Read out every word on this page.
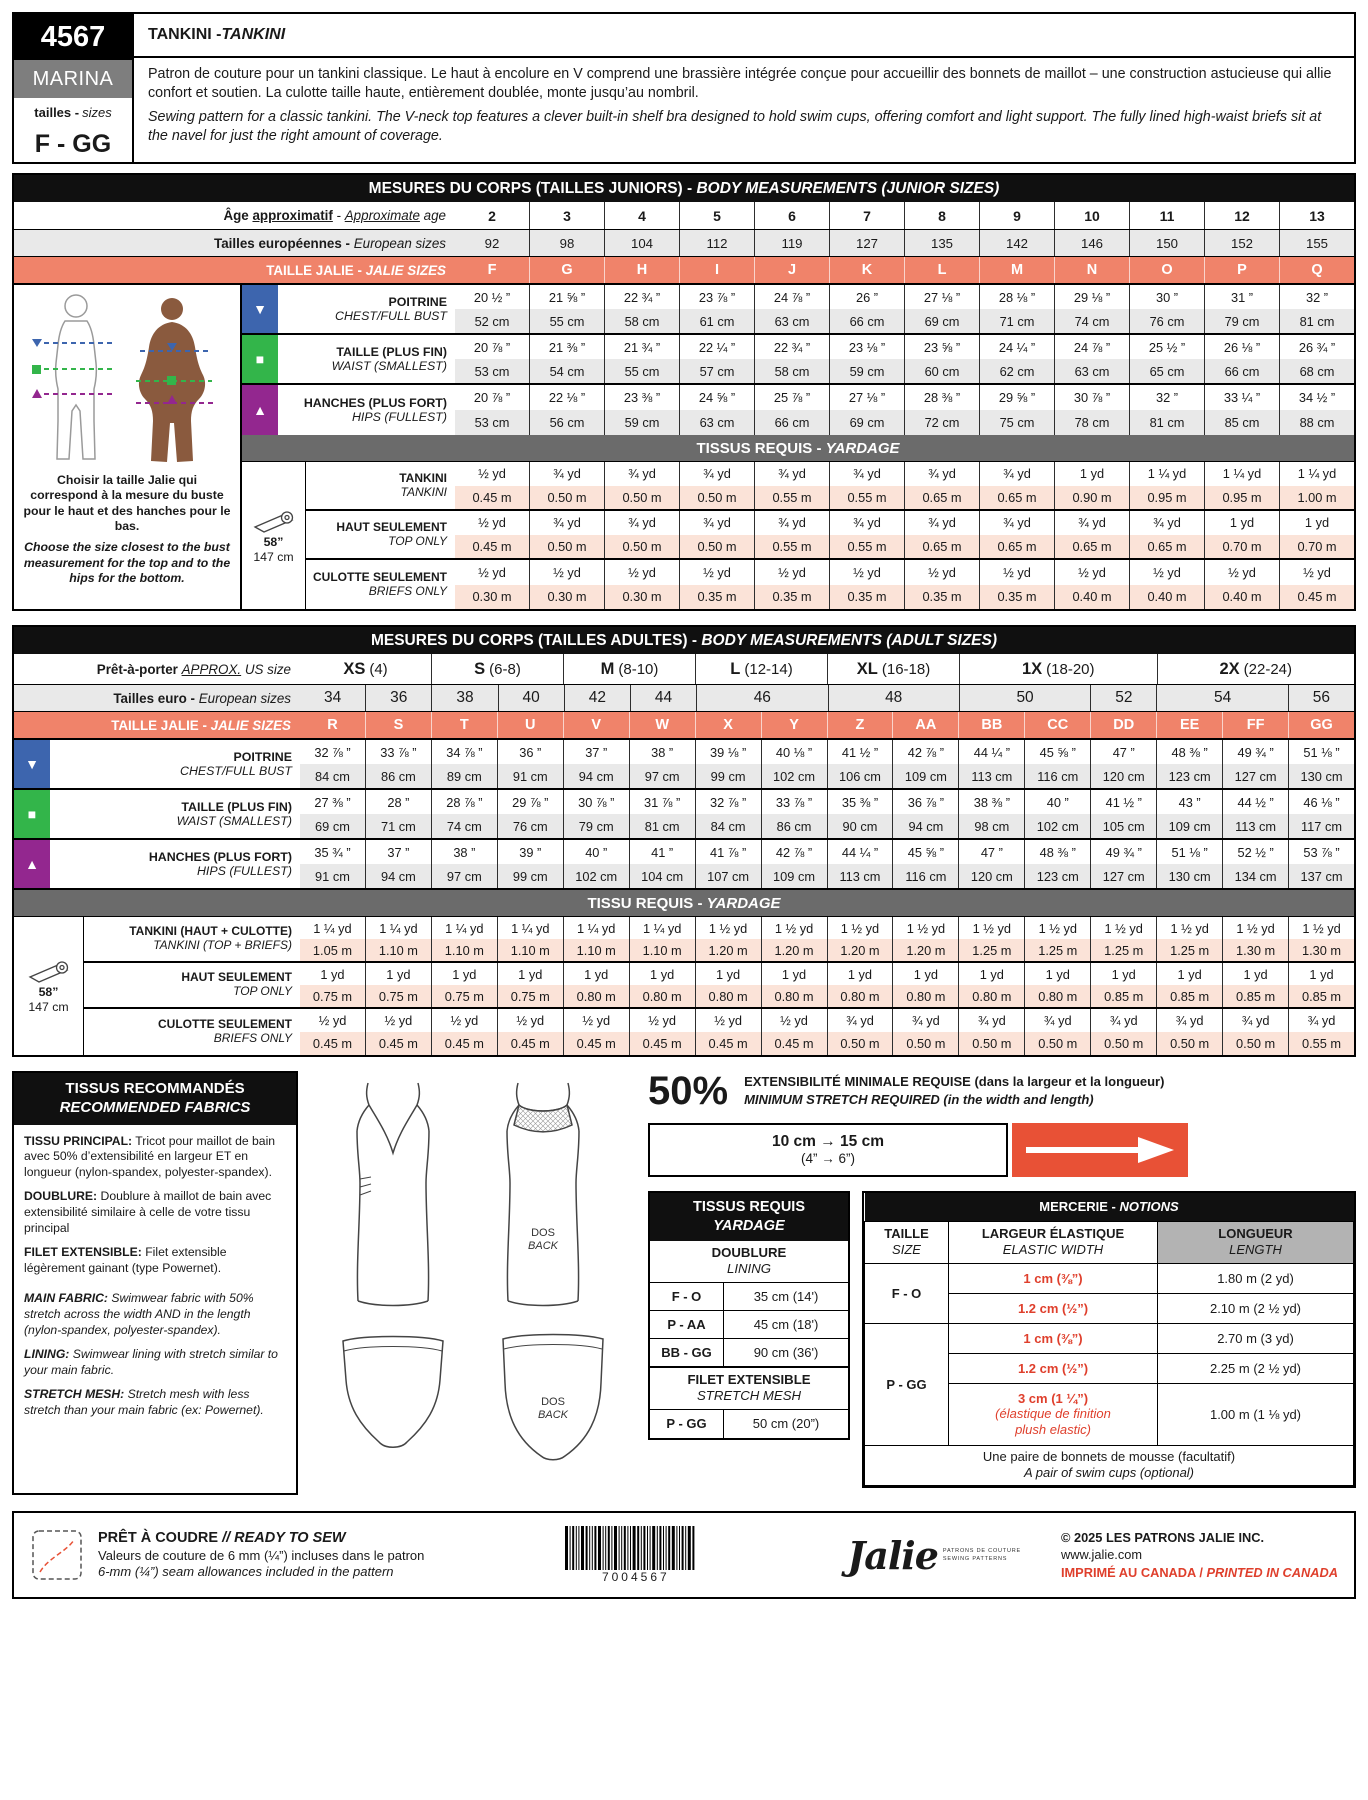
4567
MARINA
tailles - sizes
F - GG
TANKINI - TANKINI

Patron de couture pour un tankini classique. Le haut à encolure en V comprend une brassière intégrée conçue pour accueillir des bonnets de maillot – une construction astucieuse qui allie confort et soutien. La culotte taille haute, entièrement doublée, monte jusqu’au nombril.

Sewing pattern for a classic tankini. The V-neck top features a clever built-in shelf bra designed to hold swim cups, offering comfort and light support. The fully lined high-waist briefs sit at the navel for just the right amount of coverage.

MESURES DU CORPS (TAILLES JUNIORS) - BODY MEASUREMENTS (JUNIOR SIZES)
Âge approximatif - Approximate age	2	3	4	5	6	7	8	9	10	11	12	13
Tailles européennes - European sizes	92	98	104	112	119	127	135	142	146	150	152	155
TAILLE JALIE - JALIE SIZES	F	G	H	I	J	K	L	M	N	O	P	Q
Choisir la taille Jalie qui correspond à la mesure du buste pour le haut et des hanches pour le bas.
Choose the size closest to the bust measurement for the top and to the hips for the bottom.
▼	POITRINE
CHEST/FULL BUST
20 ½ ”	21 ⅝ ”	22 ¾ ”	23 ⅞ ”	24 ⅞ ”	26 ”	27 ⅛ ”	28 ⅛ ”	29 ⅛ ”	30 ”	31 ”	32 ”
52 cm	55 cm	58 cm	61 cm	63 cm	66 cm	69 cm	71 cm	74 cm	76 cm	79 cm	81 cm
■	TAILLE (PLUS FIN)
WAIST (SMALLEST)
20 ⅞ ”	21 ⅜ ”	21 ¾ ”	22 ¼ ”	22 ¾ ”	23 ⅛ ”	23 ⅝ ”	24 ¼ ”	24 ⅞ ”	25 ½ ”	26 ⅛ ”	26 ¾ ”
53 cm	54 cm	55 cm	57 cm	58 cm	59 cm	60 cm	62 cm	63 cm	65 cm	66 cm	68 cm
▲	HANCHES (PLUS FORT)
HIPS (FULLEST)
20 ⅞ ”	22 ⅛ ”	23 ⅜ ”	24 ⅝ ”	25 ⅞ ”	27 ⅛ ”	28 ⅜ ”	29 ⅝ ”	30 ⅞ ”	32 ”	33 ¼ ”	34 ½ ”
53 cm	56 cm	59 cm	63 cm	66 cm	69 cm	72 cm	75 cm	78 cm	81 cm	85 cm	88 cm
TISSUS REQUIS - YARDAGE
58”
147 cm
TANKINI
TANKINI
½ yd	¾ yd	¾ yd	¾ yd	¾ yd	¾ yd	¾ yd	¾ yd	1 yd	1 ¼ yd	1 ¼ yd	1 ¼ yd
0.45 m	0.50 m	0.50 m	0.50 m	0.55 m	0.55 m	0.65 m	0.65 m	0.90 m	0.95 m	0.95 m	1.00 m
HAUT SEULEMENT
TOP ONLY
½ yd	¾ yd	¾ yd	¾ yd	¾ yd	¾ yd	¾ yd	¾ yd	¾ yd	¾ yd	1 yd	1 yd
0.45 m	0.50 m	0.50 m	0.50 m	0.55 m	0.55 m	0.65 m	0.65 m	0.65 m	0.65 m	0.70 m	0.70 m
CULOTTE SEULEMENT
BRIEFS ONLY
½ yd	½ yd	½ yd	½ yd	½ yd	½ yd	½ yd	½ yd	½ yd	½ yd	½ yd	½ yd
0.30 m	0.30 m	0.30 m	0.35 m	0.35 m	0.35 m	0.35 m	0.35 m	0.40 m	0.40 m	0.40 m	0.45 m
MESURES DU CORPS (TAILLES ADULTES) - BODY MEASUREMENTS (ADULT SIZES)
Prêt-à-porter APPROX. US size	XS (4)	S (6-8)	M (8-10)	L (12-14)	XL (16-18)	1X (18-20)	2X (22-24)
Tailles euro - European sizes	34	36	38	40	42	44	46	48	50	52	54	56
TAILLE JALIE - JALIE SIZES	R	S	T	U	V	W	X	Y	Z	AA	BB	CC	DD	EE	FF	GG
▼	POITRINE
CHEST/FULL BUST
32 ⅞ ”	33 ⅞ ”	34 ⅞ ”	36 ”	37 ”	38 ”	39 ⅛ ”	40 ⅛ ”	41 ½ ”	42 ⅞ ”	44 ¼ ”	45 ⅝ ”	47 ”	48 ⅜ ”	49 ¾ ”	51 ⅛ ”
84 cm	86 cm	89 cm	91 cm	94 cm	97 cm	99 cm	102 cm	106 cm	109 cm	113 cm	116 cm	120 cm	123 cm	127 cm	130 cm
■	TAILLE (PLUS FIN)
WAIST (SMALLEST)
27 ⅜ ”	28 ”	28 ⅞ ”	29 ⅞ ”	30 ⅞ ”	31 ⅞ ”	32 ⅞ ”	33 ⅞ ”	35 ⅜ ”	36 ⅞ ”	38 ⅜ ”	40 ”	41 ½ ”	43 ”	44 ½ ”	46 ⅛ ”
69 cm	71 cm	74 cm	76 cm	79 cm	81 cm	84 cm	86 cm	90 cm	94 cm	98 cm	102 cm	105 cm	109 cm	113 cm	117 cm
▲	HANCHES (PLUS FORT)
HIPS (FULLEST)
35 ¾ ”	37 ”	38 ”	39 ”	40 ”	41 ”	41 ⅞ ”	42 ⅞ ”	44 ¼ ”	45 ⅝ ”	47 ”	48 ⅜ ”	49 ¾ ”	51 ⅛ ”	52 ½ ”	53 ⅞ ”
91 cm	94 cm	97 cm	99 cm	102 cm	104 cm	107 cm	109 cm	113 cm	116 cm	120 cm	123 cm	127 cm	130 cm	134 cm	137 cm
TISSU REQUIS - YARDAGE
58”
147 cm
TANKINI (HAUT + CULOTTE)
TANKINI (TOP + BRIEFS)
1 ¼ yd	1 ¼ yd	1 ¼ yd	1 ¼ yd	1 ¼ yd	1 ¼ yd	1 ½ yd	1 ½ yd	1 ½ yd	1 ½ yd	1 ½ yd	1 ½ yd	1 ½ yd	1 ½ yd	1 ½ yd	1 ½ yd
1.05 m	1.10 m	1.10 m	1.10 m	1.10 m	1.10 m	1.20 m	1.20 m	1.20 m	1.20 m	1.25 m	1.25 m	1.25 m	1.25 m	1.30 m	1.30 m
HAUT SEULEMENT
TOP ONLY
1 yd	1 yd	1 yd	1 yd	1 yd	1 yd	1 yd	1 yd	1 yd	1 yd	1 yd	1 yd	1 yd	1 yd	1 yd	1 yd
0.75 m	0.75 m	0.75 m	0.75 m	0.80 m	0.80 m	0.80 m	0.80 m	0.80 m	0.80 m	0.80 m	0.80 m	0.85 m	0.85 m	0.85 m	0.85 m
CULOTTE SEULEMENT
BRIEFS ONLY
½ yd	½ yd	½ yd	½ yd	½ yd	½ yd	½ yd	½ yd	¾ yd	¾ yd	¾ yd	¾ yd	¾ yd	¾ yd	¾ yd	¾ yd
0.45 m	0.45 m	0.45 m	0.45 m	0.45 m	0.45 m	0.45 m	0.45 m	0.50 m	0.50 m	0.50 m	0.50 m	0.50 m	0.50 m	0.50 m	0.55 m
TISSUS RECOMMANDÉS
RECOMMENDED FABRICS

TISSU PRINCIPAL: Tricot pour maillot de bain avec 50% d’extensibilité en largeur ET en longueur (nylon-spandex, polyester-spandex).

DOUBLURE: Doublure à maillot de bain avec extensibilité similaire à celle de votre tissu principal

FILET EXTENSIBLE: Filet extensible légèrement gainant (type Powernet).

MAIN FABRIC: Swimwear fabric with 50% stretch across the width AND in the length (nylon-spandex, polyester-spandex).

LINING: Swimwear lining with stretch similar to your main fabric.

STRETCH MESH: Stretch mesh with less stretch than your main fabric (ex: Powernet).

DOS
BACK
DOS
BACK
50% EXTENSIBILITÉ MINIMALE REQUISE (dans la largeur et la longueur)
MINIMUM STRETCH REQUIRED (in the width and length)
10 cm → 15 cm
(4” → 6”)
TISSUS REQUIS
YARDAGE
DOUBLURE
LINING
F - O	35 cm (14')
P - AA	45 cm (18')
BB - GG	90 cm (36')
FILET EXTENSIBLE
STRETCH MESH
P - GG	50 cm (20”)
MERCERIE - NOTIONS		

TAILLE
SIZE

LARGEUR ÉLASTIQUE
ELASTIC WIDTH

LONGUEUR
LENGTH

F - O	1 cm (⅜”)	1.80 m (2 yd)
	1.2 cm (½”)	2.10 m (2 ½ yd)
P - GG	1 cm (⅜”)	2.70 m (3 yd)
	1.2 cm (½”)	2.25 m (2 ½ yd)

	3 cm (1 ¼”)
(élastique de finition
plush elastic)	1.00 m (1 ⅛ yd)

Une paire de bonnets de mousse (facultatif)
A pair of swim cups (optional)		
PRÊT À COUDRE // READY TO SEW
Valeurs de couture de 6 mm (¼”) incluses dans le patron
6-mm (¼”) seam allowances included in the pattern	7004567	Jalie PATRONS DE COUTURE
SEWING PATTERNS
© 2025 LES PATRONS JALIE INC.
www.jalie.com
IMPRIMÉ AU CANADA / PRINTED IN CANADA
